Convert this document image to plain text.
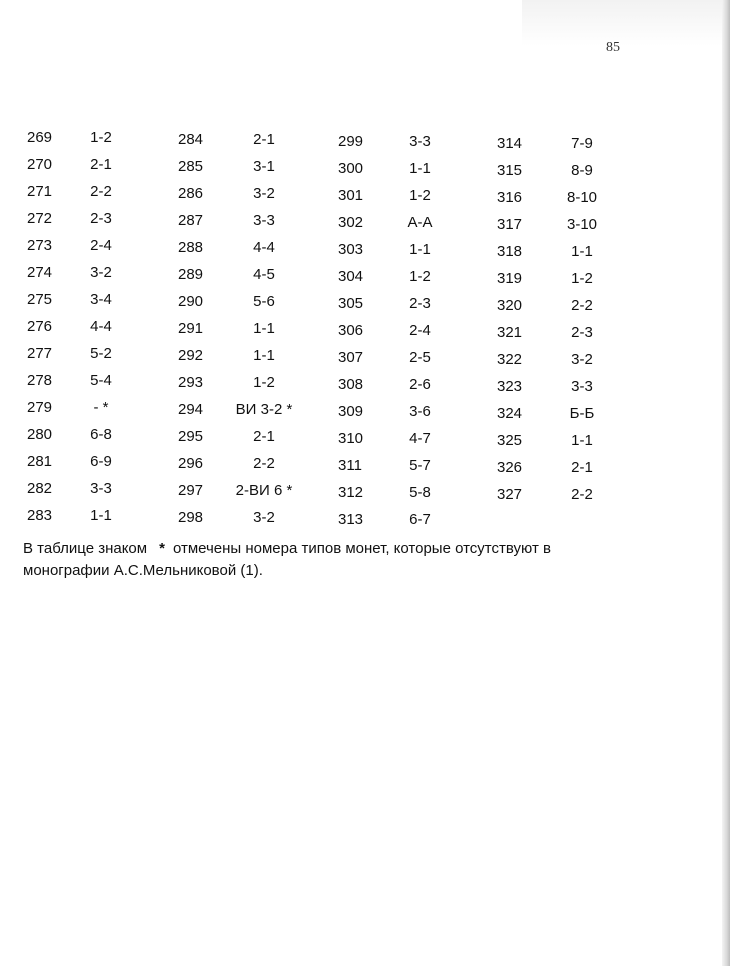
85
269	1-2
270	2-1
271	2-2
272	2-3
273	2-4
274	3-2
275	3-4
276	4-4
277	5-2
278	5-4
279	- *
280	6-8
281	6-9
282	3-3
283	1-1
284	2-1
285	3-1
286	3-2
287	3-3
288	4-4
289	4-5
290	5-6
291	1-1
292	1-1
293	1-2
294	ВИ 3-2 *
295	2-1
296	2-2
297	2-ВИ 6 *
298	3-2
299	3-3
300	1-1
301	1-2
302	А-А
303	1-1
304	1-2
305	2-3
306	2-4
307	2-5
308	2-6
309	3-6
310	4-7
311	5-7
312	5-8
313	6-7
314	7-9
315	8-9
316	8-10
317	3-10
318	1-1
319	1-2
320	2-2
321	2-3
322	3-2
323	3-3
324	Б-Б
325	1-1
326	2-1
327	2-2
В таблице знаком * отмечены номера типов монет, которые отсутствуют в монографии А.С.Мельниковой (1).
